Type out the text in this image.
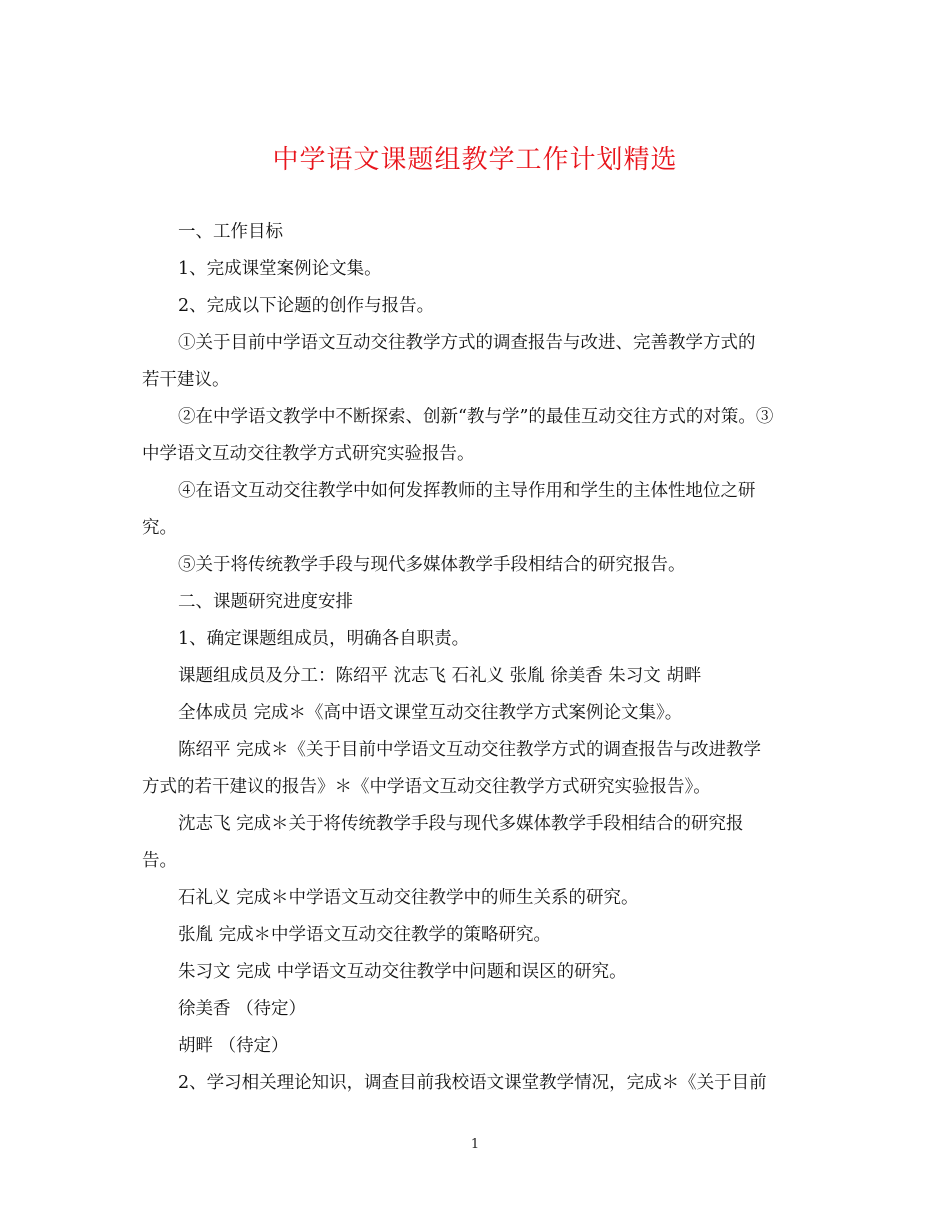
中学语文课题组教学工作计划精选
一、工作目标
1、完成课堂案例论文集。
2、完成以下论题的创作与报告。
①关于目前中学语文互动交往教学方式的调查报告与改进、完善教学方式的
若干建议。
②在中学语文教学中不断探索、创新“教与学”的最佳互动交往方式的对策。③
中学语文互动交往教学方式研究实验报告。
④在语文互动交往教学中如何发挥教师的主导作用和学生的主体性地位之研
究。
⑤关于将传统教学手段与现代多媒体教学手段相结合的研究报告。
二、课题研究进度安排
1、确定课题组成员，明确各自职责。
课题组成员及分工：陈绍平 沈志飞 石礼义 张胤 徐美香 朱习文 胡畔
全体成员 完成＊《高中语文课堂互动交往教学方式案例论文集》。
陈绍平 完成＊《关于目前中学语文互动交往教学方式的调查报告与改进教学
方式的若干建议的报告》＊《中学语文互动交往教学方式研究实验报告》。
沈志飞 完成＊关于将传统教学手段与现代多媒体教学手段相结合的研究报
告。
石礼义 完成＊中学语文互动交往教学中的师生关系的研究。
张胤 完成＊中学语文互动交往教学的策略研究。
朱习文 完成 中学语文互动交往教学中问题和误区的研究。
徐美香 （待定）
胡畔 （待定）
2、学习相关理论知识，调查目前我校语文课堂教学情况，完成＊《关于目前
1
